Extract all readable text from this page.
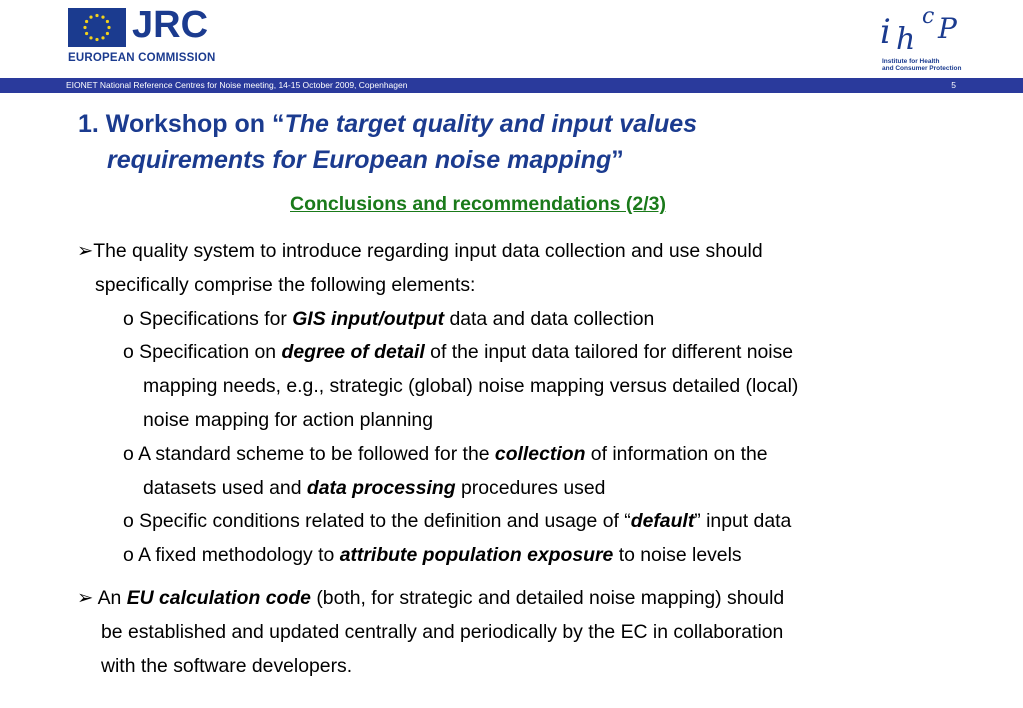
JRC
EUROPEAN COMMISSION
i h
c P
Institute for Health
and Consumer Protection
EIONET National Reference Centres for Noise meeting, 14-15 October 2009, Copenhagen	5
1. Workshop on “The target quality and input values
requirements for European noise mapping”
Conclusions and recommendations (2/3)
➢The quality system to introduce regarding input data collection and use should
specifically comprise the following elements:
o Specifications for GIS input/output data and data collection
o Specification on degree of detail of the input data tailored for different noise
mapping needs, e.g., strategic (global) noise mapping versus detailed (local)
noise mapping for action planning
o A standard scheme to be followed for the collection of information on the
datasets used and data processing procedures used
o Specific conditions related to the definition and usage of “default” input data
o A fixed methodology to attribute population exposure to noise levels
➢ An EU calculation code (both, for strategic and detailed noise mapping) should
be established and updated centrally and periodically by the EC in collaboration
with the software developers.
